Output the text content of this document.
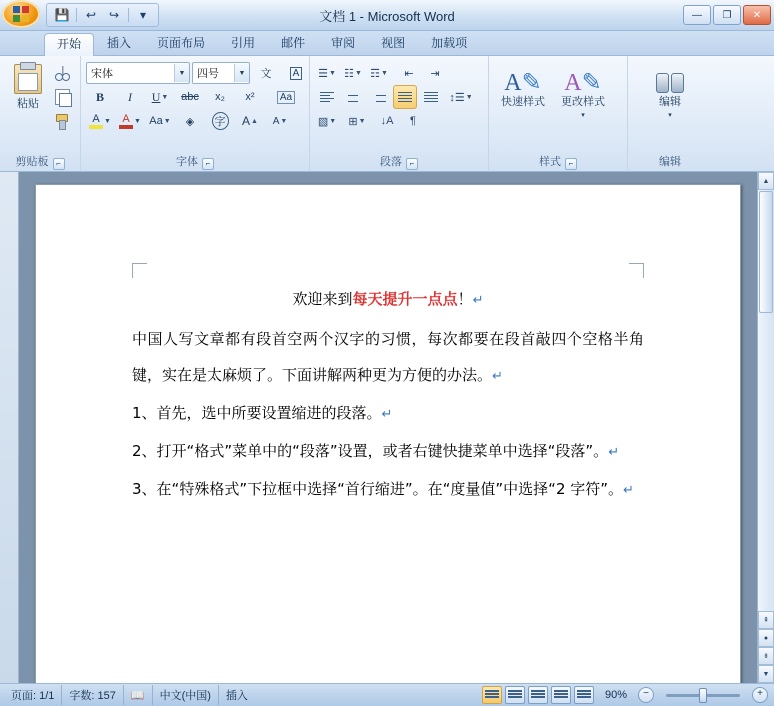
💾	↩	↪	▾	文档 1 - Microsoft Word	—	❐	✕
开始	插入	页面布局	引用	邮件	审阅	视图	加载项
粘贴
剪贴板 ⌐
宋体	▼	四号	▼	文	A
B I U ▼ abc x₂ x²	Aa
A ▼ A ▼ Aa ▼ ◈ 字 A ▲ A ▼
字体 ⌐
☰ ▼ ☷ ▼ ☶ ▼ ⇤ ⇥
↕☰ ▼
▧ ▼ ⊞ ▼ ↓A ¶
段落 ⌐
A✎
快速样式
A✎
更改样式
▾
样式 ⌐
编辑
▾
编辑
欢迎来到每天提升一点点！↵

中国人写文章都有段首空两个汉字的习惯，每次都要在段首敲四个空格半角键，实在是太麻烦了。下面讲解两种更为方便的办法。↵

1、首先，选中所要设置缩进的段落。↵

2、打开“格式”菜单中的“段落”设置，或者右键快捷菜单中选择“段落”。↵

3、在“特殊格式”下拉框中选择“首行缩进”。在“度量值”中选择“2 字符”。↵

▲
⇞
●
⇟
▼
页面: 1/1	字数: 157	📖	中文(中国)	插入	90%	−	+
